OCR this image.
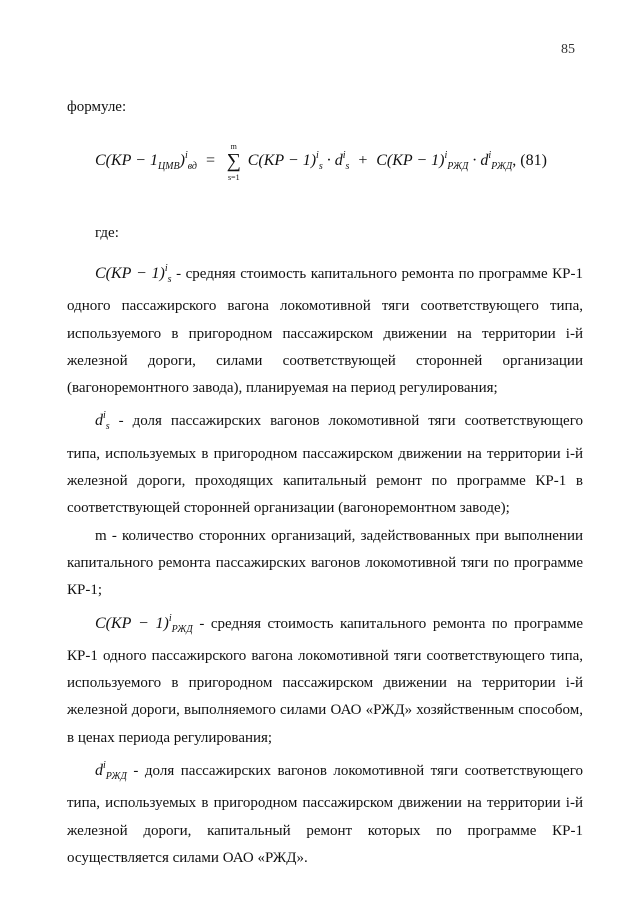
85
формуле:
$C(KP - 1_{ЦМВ})^i_{вд}$  =
m
∑
s=1
$C(KP - 1)^i_s \cdot d^i_s + C(KP - 1)^i_{РЖД} \cdot d^i_{РЖД}$, (81)
где:

C(KP − 1)$^i_s$ - средняя стоимость капитального ремонта по программе КР-1 одного пассажирского вагона локомотивной тяги соответствующего типа, используемого в пригородном пассажирском движении на территории i-й железной дороги, силами соответствующей сторонней организации (вагоноремонтного завода), планируемая на период регулирования;

$d^i_s$ - доля пассажирских вагонов локомотивной тяги соответствующего типа, используемых в пригородном пассажирском движении на территории i-й железной дороги, проходящих капитальный ремонт по программе КР-1 в соответствующей сторонней организации (вагоноремонтном заводе);

m - количество сторонних организаций, задействованных при выполнении капитального ремонта пассажирских вагонов локомотивной тяги по программе КР-1;

C(KP − 1)$^i_{РЖД}$ - средняя стоимость капитального ремонта по программе КР-1 одного пассажирского вагона локомотивной тяги соответствующего типа, используемого в пригородном пассажирском движении на территории i-й железной дороги, выполняемого силами ОАО «РЖД» хозяйственным способом, в ценах периода регулирования;

$d^i_{РЖД}$ - доля пассажирских вагонов локомотивной тяги соответствующего типа, используемых в пригородном пассажирском движении на территории i-й железной дороги, капитальный ремонт которых по программе КР-1 осуществляется силами ОАО «РЖД».
